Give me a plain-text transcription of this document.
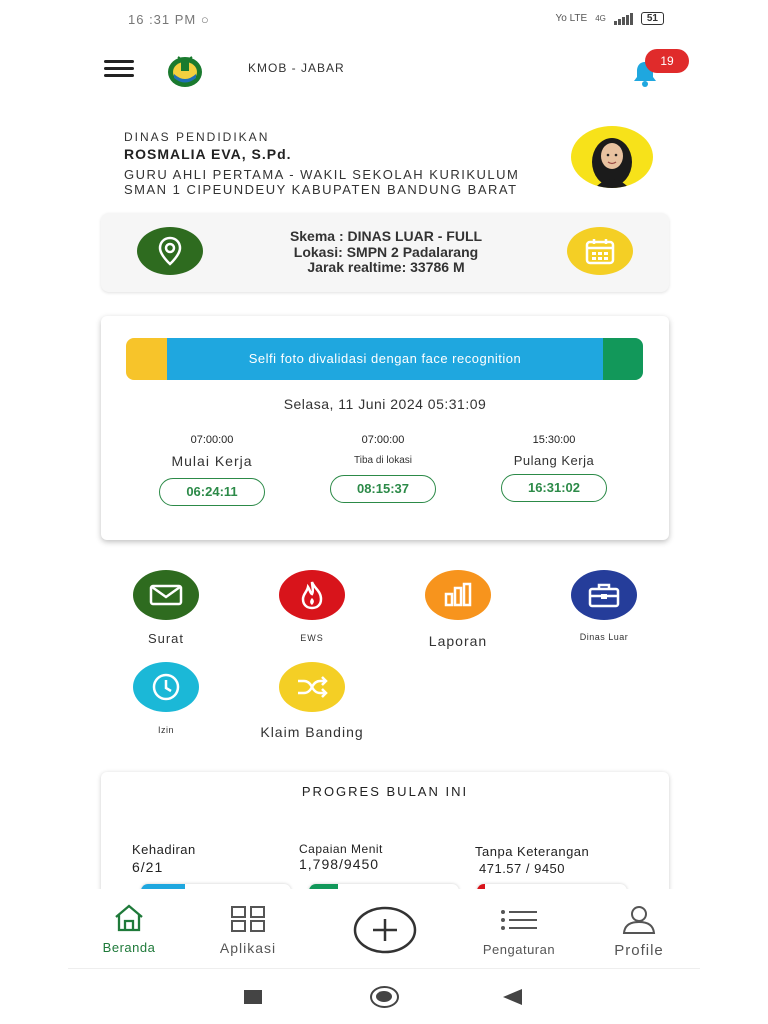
16 :31 PM ○	Yo LTE 4G	51
KMOB - JABAR	19
DINAS PENDIDIKAN
ROSMALIA EVA, S.Pd.
GURU AHLI PERTAMA - WAKIL SEKOLAH KURIKULUM
SMAN 1 CIPEUNDEUY KABUPATEN BANDUNG BARAT
Skema : DINAS LUAR - FULL
Lokasi: SMPN 2 Padalarang
Jarak realtime: 33786 M
Selfi foto divalidasi dengan face recognition
Selasa, 11 Juni 2024 05:31:09
07:00:00
Mulai Kerja
06:24:11
07:00:00
Tiba di lokasi
08:15:37
15:30:00
Pulang Kerja
16:31:02
Surat	EWS	Laporan	Dinas Luar
Izin	Klaim Banding
PROGRES BULAN INI
Kehadiran
6/21
Capaian Menit
1,798/9450
Tanpa Keterangan
471.57 / 9450
Beranda	Aplikasi	Pengaturan	Profile
